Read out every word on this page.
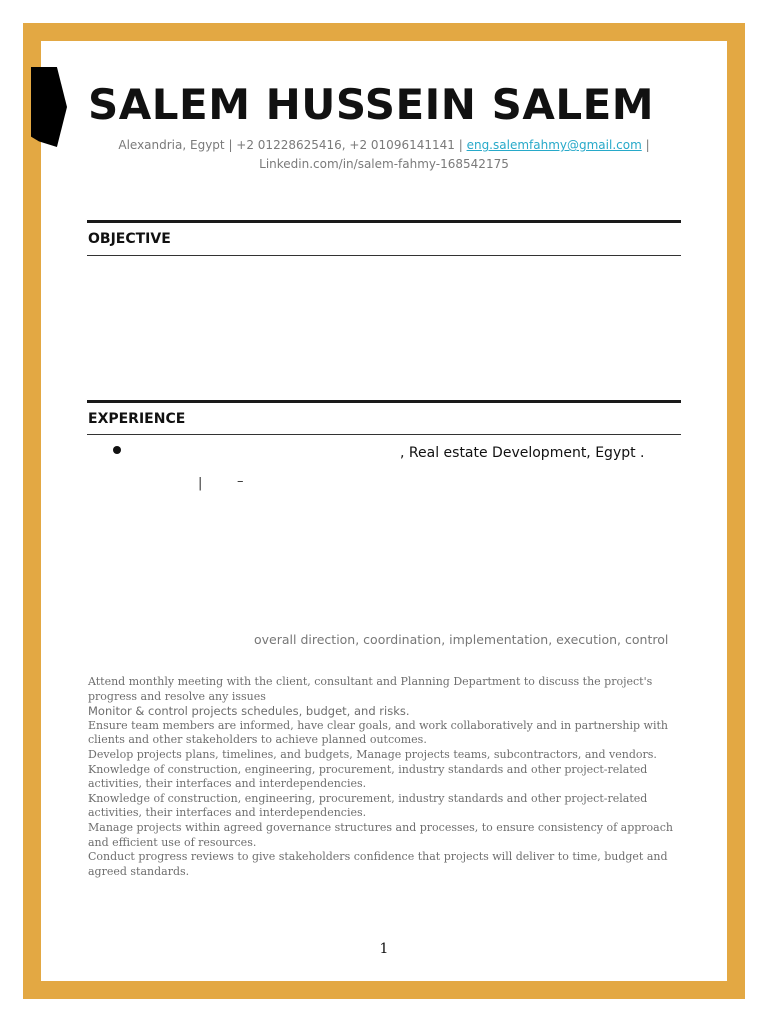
SALEM HUSSEIN SALEM
Alexandria, Egypt | +2 01228625416, +2 01096141141 | eng.salemfahmy@gmail.com |
Linkedin.com/in/salem-fahmy-168542175
OBJECTIVE
EXPERIENCE
, Real estate Development, Egypt .
|	–
overall direction, coordination, implementation, execution, control
Attend monthly meeting with the client, consultant and Planning Department to discuss the project's progress and resolve any issues
Monitor & control projects schedules, budget, and risks.
Ensure team members are informed, have clear goals, and work collaboratively and in partnership with clients and other stakeholders to achieve planned outcomes.
Develop projects plans, timelines, and budgets, Manage projects teams, subcontractors, and vendors.
Knowledge of construction, engineering, procurement, industry standards and other project-related activities, their interfaces and interdependencies.
Knowledge of construction, engineering, procurement, industry standards and other project-related activities, their interfaces and interdependencies.
Manage projects within agreed governance structures and processes, to ensure consistency of approach and efficient use of resources.
Conduct progress reviews to give stakeholders confidence that projects will deliver to time, budget and agreed standards.
1
